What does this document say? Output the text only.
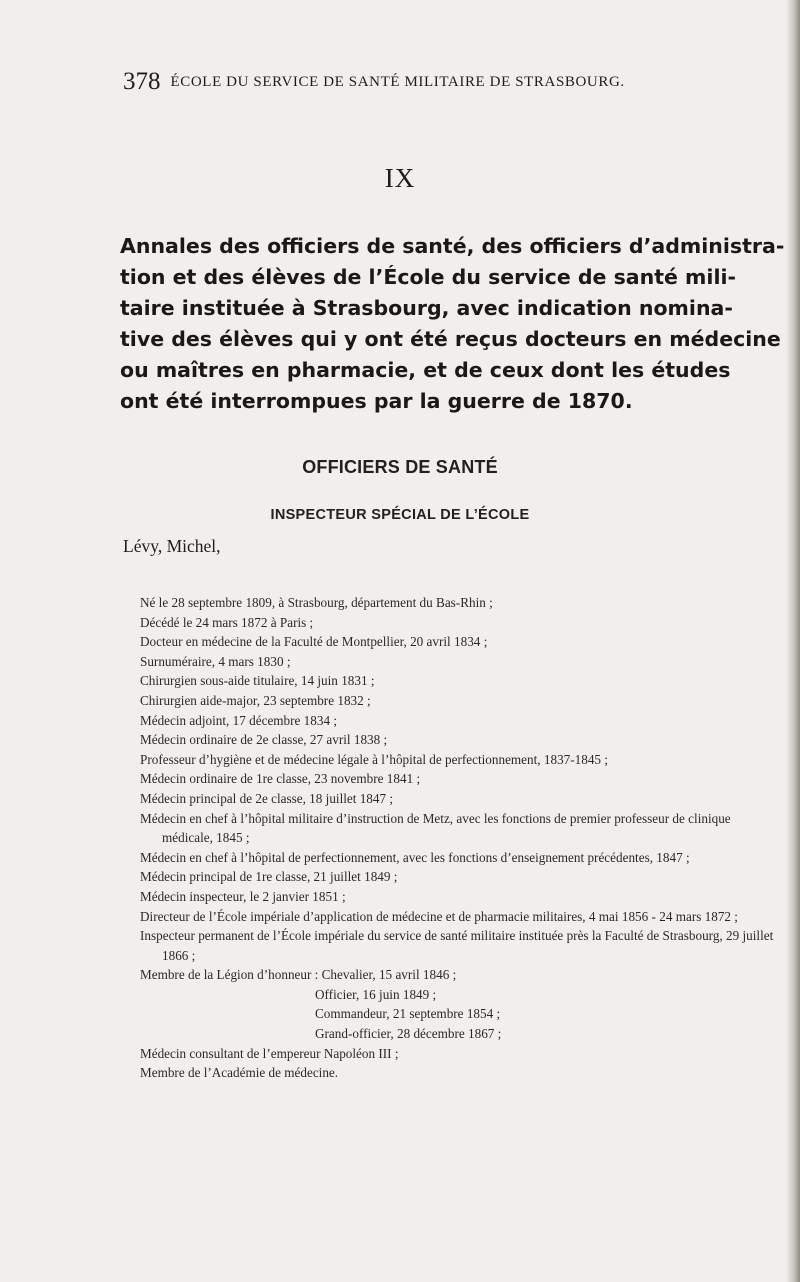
378 ÉCOLE DU SERVICE DE SANTÉ MILITAIRE DE STRASBOURG.
IX
Annales des officiers de santé, des officiers d’administra-
tion et des élèves de l’École du service de santé mili-
taire instituée à Strasbourg, avec indication nomina-
tive des élèves qui y ont été reçus docteurs en médecine
ou maîtres en pharmacie, et de ceux dont les études
ont été interrompues par la guerre de 1870.
OFFICIERS DE SANTÉ
INSPECTEUR SPÉCIAL DE L’ÉCOLE
Lévy, Michel,
Né le 28 septembre 1809, à Strasbourg, département du Bas-Rhin ;
Décédé le 24 mars 1872 à Paris ;
Docteur en médecine de la Faculté de Montpellier, 20 avril 1834 ;
Surnuméraire, 4 mars 1830 ;
Chirurgien sous-aide titulaire, 14 juin 1831 ;
Chirurgien aide-major, 23 septembre 1832 ;
Médecin adjoint, 17 décembre 1834 ;
Médecin ordinaire de 2e classe, 27 avril 1838 ;
Professeur d’hygiène et de médecine légale à l’hôpital de perfectionnement, 1837-1845 ;
Médecin ordinaire de 1re classe, 23 novembre 1841 ;
Médecin principal de 2e classe, 18 juillet 1847 ;
Médecin en chef à l’hôpital militaire d’instruction de Metz, avec les fonctions de premier professeur de clinique médicale, 1845 ;
Médecin en chef à l’hôpital de perfectionnement, avec les fonctions d’enseignement précédentes, 1847 ;
Médecin principal de 1re classe, 21 juillet 1849 ;
Médecin inspecteur, le 2 janvier 1851 ;
Directeur de l’École impériale d’application de médecine et de pharmacie militaires, 4 mai 1856 - 24 mars 1872 ;
Inspecteur permanent de l’École impériale du service de santé militaire instituée près la Faculté de Strasbourg, 29 juillet 1866 ;
Membre de la Légion d’honneur : Chevalier, 15 avril 1846 ;
Officier, 16 juin 1849 ;
Commandeur, 21 septembre 1854 ;
Grand-officier, 28 décembre 1867 ;
Médecin consultant de l’empereur Napoléon III ;
Membre de l’Académie de médecine.
